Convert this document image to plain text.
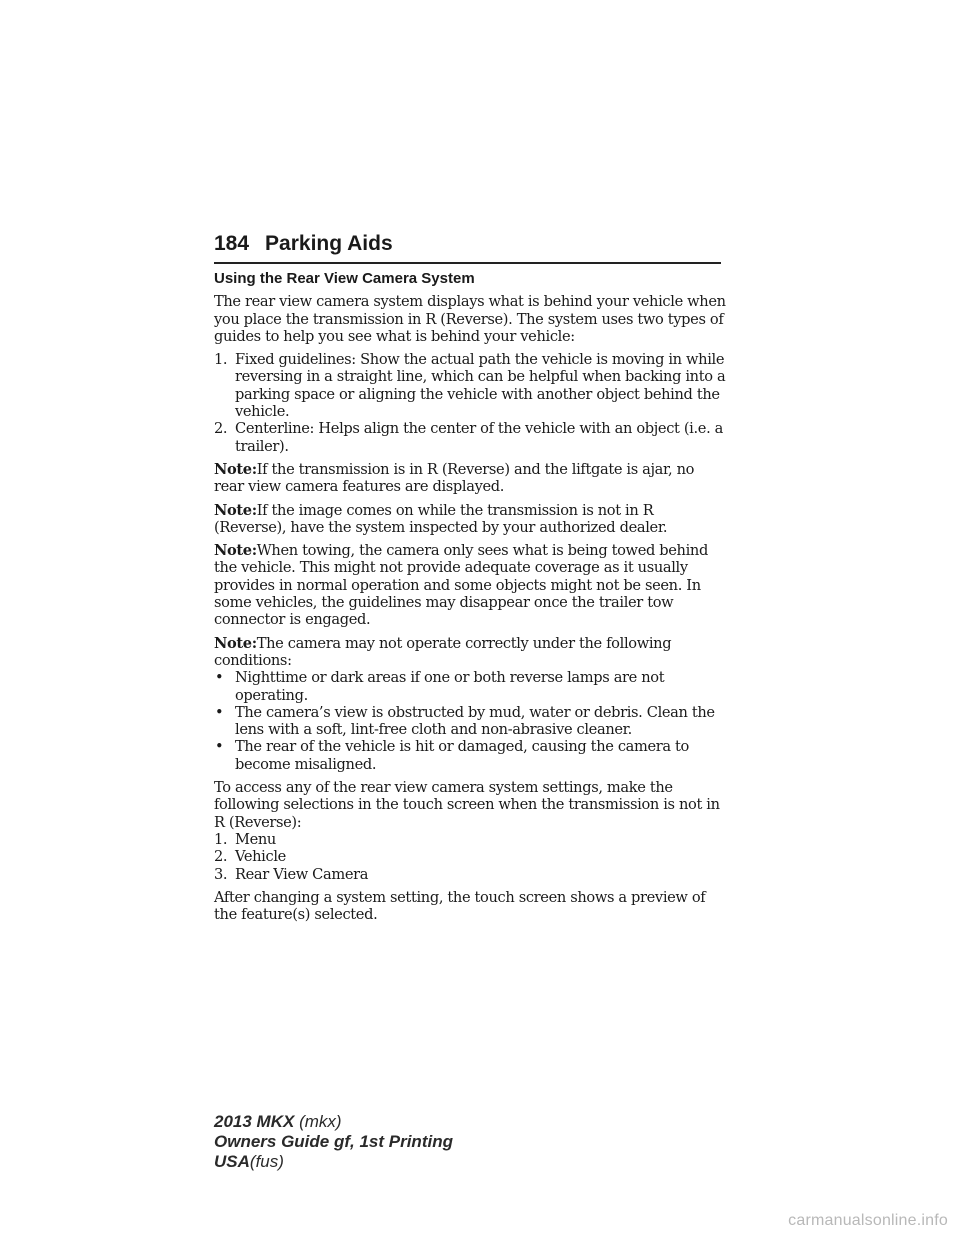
184 Parking Aids
Using the Rear View Camera System

The rear view camera system displays what is behind your vehicle when you place the transmission in R (Reverse). The system uses two types of guides to help you see what is behind your vehicle:

1. Fixed guidelines: Show the actual path the vehicle is moving in while reversing in a straight line, which can be helpful when backing into a parking space or aligning the vehicle with another object behind the vehicle.
2. Centerline: Helps align the center of the vehicle with an object (i.e. a trailer).

Note:If the transmission is in R (Reverse) and the liftgate is ajar, no rear view camera features are displayed.

Note:If the image comes on while the transmission is not in R (Reverse), have the system inspected by your authorized dealer.

Note:When towing, the camera only sees what is being towed behind the vehicle. This might not provide adequate coverage as it usually provides in normal operation and some objects might not be seen. In some vehicles, the guidelines may disappear once the trailer tow connector is engaged.

Note:The camera may not operate correctly under the following conditions:

• Nighttime or dark areas if one or both reverse lamps are not operating.
• The camera’s view is obstructed by mud, water or debris. Clean the lens with a soft, lint-free cloth and non-abrasive cleaner.
• The rear of the vehicle is hit or damaged, causing the camera to become misaligned.

To access any of the rear view camera system settings, make the following selections in the touch screen when the transmission is not in R (Reverse):

1. Menu
2. Vehicle
3. Rear View Camera

After changing a system setting, the touch screen shows a preview of the feature(s) selected.

2013 MKX (mkx)
Owners Guide gf, 1st Printing
USA(fus)
carmanualsonline.info
